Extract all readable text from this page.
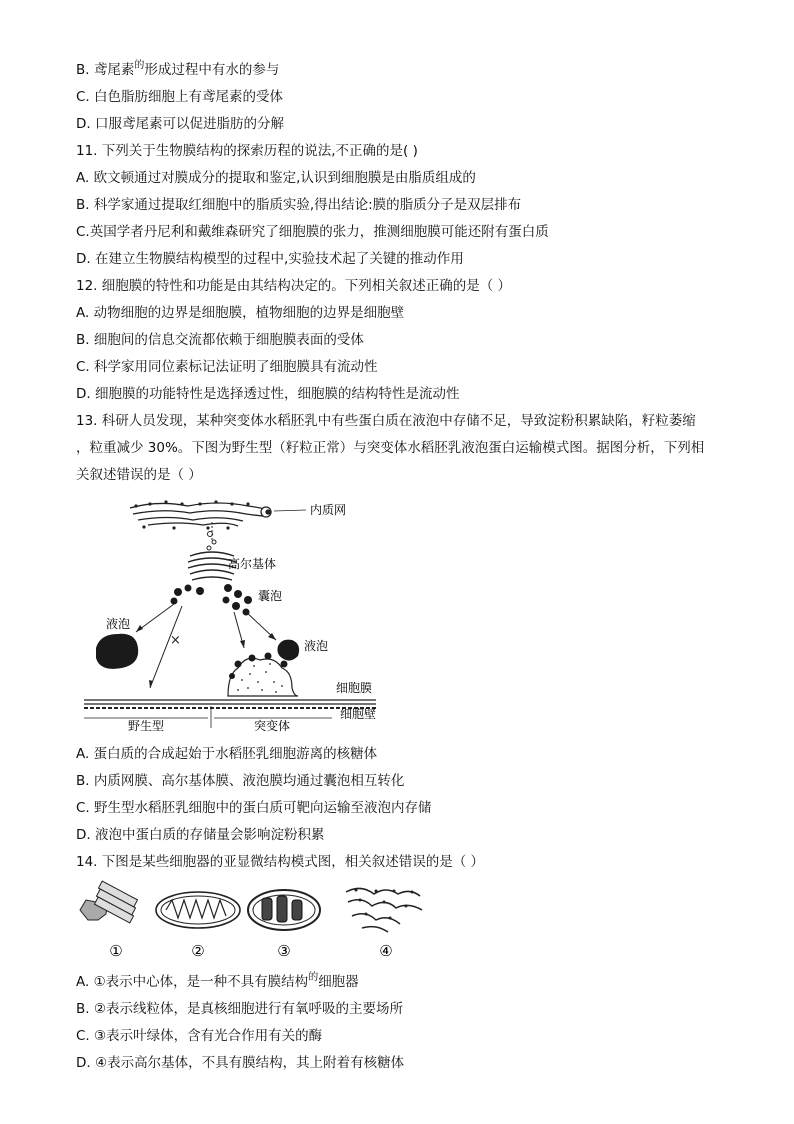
B. 鸢尾素$^的$形成过程中有水的参与
C. 白色脂肪细胞上有鸢尾素的受体
D. 口服鸢尾素可以促进脂肪的分解
11. 下列关于生物膜结构的探索历程的说法,不正确的是( )
A. 欧文顿通过对膜成分的提取和鉴定,认识到细胞膜是由脂质组成的
B. 科学家通过提取红细胞中的脂质实验,得出结论:膜的脂质分子是双层排布
C.英国学者丹尼利和戴维森研究了细胞膜的张力，推测细胞膜可能还附有蛋白质
D. 在建立生物膜结构模型的过程中,实验技术起了关键的推动作用
12. 细胞膜的特性和功能是由其结构决定的。下列相关叙述正确的是（ ）
A. 动物细胞的边界是细胞膜，植物细胞的边界是细胞壁
B. 细胞间的信息交流都依赖于细胞膜表面的受体
C. 科学家用同位素标记法证明了细胞膜具有流动性
D. 细胞膜的功能特性是选择透过性，细胞膜的结构特性是流动性
13. 科研人员发现，某种突变体水稻胚乳中有些蛋白质在液泡中存储不足，导致淀粉积累缺陷，籽粒萎缩
，粒重减少 30%。下图为野生型（籽粒正常）与突变体水稻胚乳液泡蛋白运输模式图。据图分析，下列相
关叙述错误的是（ ）
内质网
高尔基体
囊泡
×
液泡
液泡
细胞膜
细胞壁
野生型	突变体
A. 蛋白质的合成起始于水稻胚乳细胞游离的核糖体
B. 内质网膜、高尔基体膜、液泡膜均通过囊泡相互转化
C. 野生型水稻胚乳细胞中的蛋白质可靶向运输至液泡内存储
D. 液泡中蛋白质的存储量会影响淀粉积累
14. 下图是某些细胞器的亚显微结构模式图，相关叙述错误的是（ ）
①	②	③	④
A. ①表示中心体，是一种不具有膜结构$^的$细胞器
B. ②表示线粒体，是真核细胞进行有氧呼吸的主要场所
C. ③表示叶绿体，含有光合作用有关的酶
D. ④表示高尔基体，不具有膜结构，其上附着有核糖体
